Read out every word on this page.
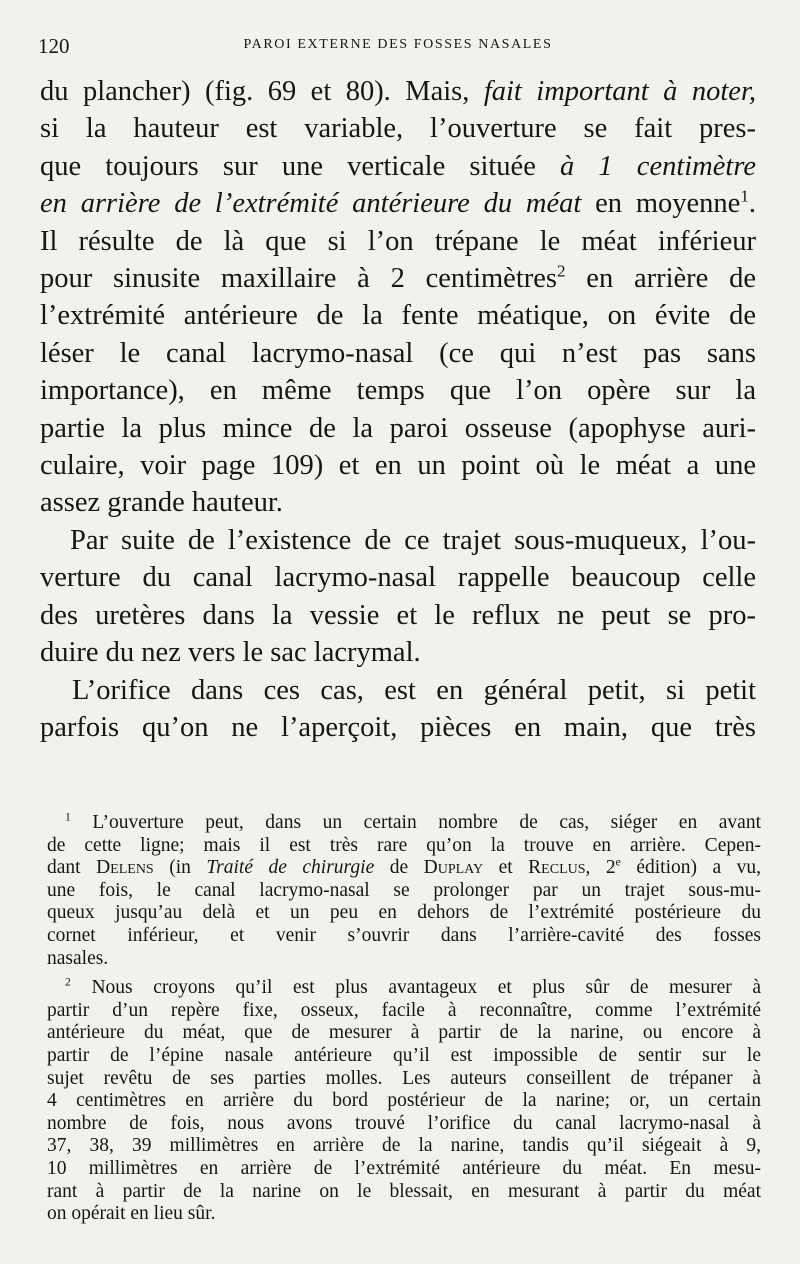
120	PAROI EXTERNE DES FOSSES NASALES
du plancher) (fig. 69 et 80). Mais, fait important à noter,
si la hauteur est variable, l’ouverture se fait pres-
que toujours sur une verticale située à 1 centimètre
en arrière de l’extrémité antérieure du méat en moyenne$^1$.
Il résulte de là que si l’on trépane le méat inférieur
pour sinusite maxillaire à 2 centimètres$^2$ en arrière de
l’extrémité antérieure de la fente méatique, on évite de
léser le canal lacrymo-nasal (ce qui n’est pas sans
importance), en même temps que l’on opère sur la
partie la plus mince de la paroi osseuse (apophyse auri-
culaire, voir page 109) et en un point où le méat a une
assez grande hauteur.
Par suite de l’existence de ce trajet sous-muqueux, l’ou-
verture du canal lacrymo-nasal rappelle beaucoup celle
des uretères dans la vessie et le reflux ne peut se pro-
duire du nez vers le sac lacrymal.
L’orifice dans ces cas, est en général petit, si petit
parfois qu’on ne l’aperçoit, pièces en main, que très
$^1$ L’ouverture peut, dans un certain nombre de cas, siéger en avant
de cette ligne; mais il est très rare qu’on la trouve en arrière. Cepen-
dant Delens (in Traité de chirurgie de Duplay et Reclus, 2e édition) a vu,
une fois, le canal lacrymo-nasal se prolonger par un trajet sous-mu-
queux jusqu’au delà et un peu en dehors de l’extrémité postérieure du
cornet inférieur, et venir s’ouvrir dans l’arrière-cavité des fosses
nasales.
$^2$ Nous croyons qu’il est plus avantageux et plus sûr de mesurer à
partir d’un repère fixe, osseux, facile à reconnaître, comme l’extrémité
antérieure du méat, que de mesurer à partir de la narine, ou encore à
partir de l’épine nasale antérieure qu’il est impossible de sentir sur le
sujet revêtu de ses parties molles. Les auteurs conseillent de trépaner à
4 centimètres en arrière du bord postérieur de la narine; or, un certain
nombre de fois, nous avons trouvé l’orifice du canal lacrymo-nasal à
37, 38, 39 millimètres en arrière de la narine, tandis qu’il siégeait à 9,
10 millimètres en arrière de l’extrémité antérieure du méat. En mesu-
rant à partir de la narine on le blessait, en mesurant à partir du méat
on opérait en lieu sûr.
